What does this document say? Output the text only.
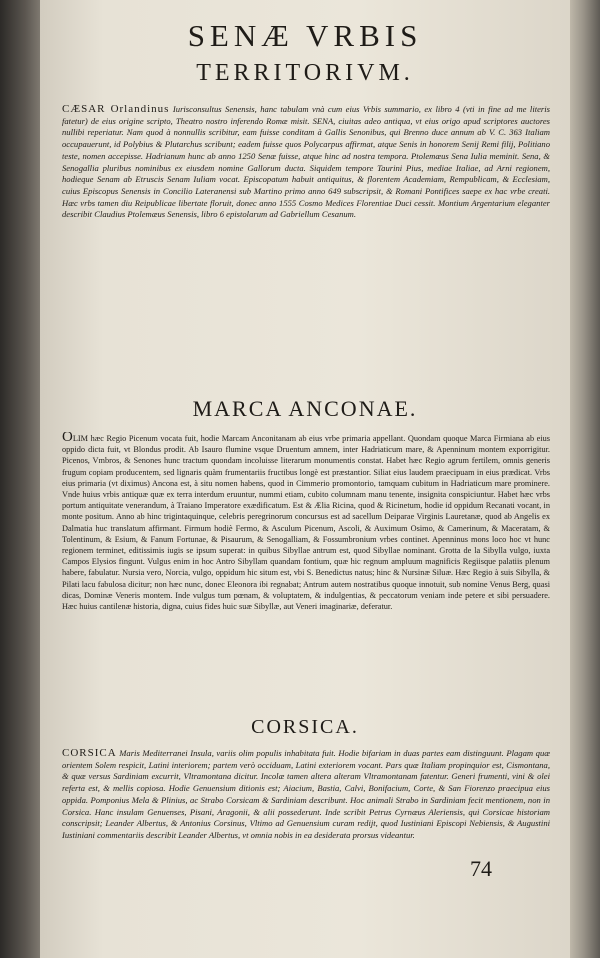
SENÆ VRBIS
TERRITORIVM.

CÆSAR Orlandinus Iurisconsultus Senensis, hanc tabulam vnà cum eius Vrbis summario, ex libro 4 (vti in fine ad me literis fatetur) de eius origine scripto, Theatro nostro inferendo Romæ misit. SENA, ciuitas adeo antiqua, vt eius origo apud scriptores auctores nullibi reperiatur. Nam quod à nonnullis scribitur, eam fuisse conditam à Gallis Senonibus, qui Brenno duce annum ab V. C. 363 Italiam occupauerunt, id Polybius & Plutarchus scribunt; eadem fuisse quos Polycarpus affirmat, atque Senis in honorem Senij Remi filij, Politiano teste, nomen accepisse. Hadrianum hunc ab anno 1250 Senæ fuisse, atque hinc ad nostra tempora. Ptolemæus Sena Iulia meminit. Sena, & Senogallia pluribus nominibus ex eiusdem nomine Gallorum ducta. Siquidem tempore Taurini Pius, mediae Italiae, ad Arni regionem, hodieque Senam ab Etruscis Senam Iuliam vocat. Episcopatum habuit antiquitus, & florentem Academiam, Rempublicam, & Ecclesiam, cuius Episcopus Senensis in Concilio Lateranensi sub Martino primo anno 649 subscripsit, & Romani Pontifices saepe ex hac vrbe creati. Hæc vrbs tamen diu Reipublicae libertate floruit, donec anno 1555 Cosmo Medices Florentiae Duci cessit. Montium Argentarium eleganter describit Claudius Ptolemæus Senensis, libro 6 epistolarum ad Gabriellum Cesanum.

MARCA ANCONAE.

OLIM hæc Regio Picenum vocata fuit, hodie Marcam Anconitanam ab eius vrbe primaria appellant. Quondam quoque Marca Firmiana ab eius oppido dicta fuit, vt Blondus prodit. Ab Isauro flumine vsque Druentum amnem, inter Hadriaticum mare, & Apenninum montem exporrigitur. Picenos, Vmbros, & Senones hunc tractum quondam incoluisse literarum monumentis constat. Habet hæc Regio agrum fertilem, omnis generis frugum copiam producentem, sed lignaris quàm frumentariis fructibus longè est præstantior. Siliat eius laudem praecipuam in eius prædicat. Vrbs eius primaria (vt diximus) Ancona est, à situ nomen habens, quod in Cimmerio promontorio, tamquam cubitum in Hadriaticum mare prominere. Vnde huius vrbis antiquæ quæ ex terra interdum eruuntur, nummi etiam, cubito columnam manu tenente, insignita conspiciuntur. Habet hæc vrbs portum antiquitate venerandum, à Traiano Imperatore exædificatum. Est & Ælia Ricina, quod & Ricinetum, hodie id oppidum Recanati vocant, in monte positum. Anno ab hinc trigintaquinque, celebris peregrinorum concursus est ad sacellum Deiparae Virginis Lauretanæ, quod ab Angelis ex Dalmatia huc translatum affirmant. Firmum hodiè Fermo, & Asculum Picenum, Ascoli, & Auximum Osimo, & Camerinum, & Maceratam, & Tolentinum, & Esium, & Fanum Fortunae, & Pisaurum, & Senogalliam, & Fossumbronium vrbes continet. Apenninus mons loco hoc vt hunc regionem terminet, editissimis iugis se ipsum superat: in quibus Sibyllae antrum est, quod Sibyllae nominant. Grotta de la Sibylla vulgo, iuxta Campos Elysios fingunt. Vulgus enim in hoc Antro Sibyllam quandam fontium, quæ hic regnum ampluum magnificis Regiisque palatiis plenum habere, fabulatur. Nursia vero, Norcia, vulgo, oppidum hic situm est, vbi S. Benedictus natus; hinc & Nursinæ Siluæ. Hæc Regio à suis Sibylla, & Pilati lacu fabulosa dicitur; non hæc nunc, donec Eleonora ibi regnabat; Antrum autem nostratibus quoque innotuit, sub nomine Venus Berg, quasi dicas, Dominæ Veneris montem. Inde vulgus tum pœnam, & voluptatem, & indulgentias, & peccatorum veniam inde petere et sibi persuadere. Hæc huius cantilenæ historia, digna, cuius fides huic suæ Sibyllæ, aut Veneri imaginariæ, deferatur.

CORSICA.

CORSICA Maris Mediterranei Insula, variis olim populis inhabitata fuit. Hodie bifariam in duas partes eam distinguunt. Plagam quæ orientem Solem respicit, Latini interiorem; partem verò occiduam, Latini exteriorem vocant. Pars quæ Italiam propinquior est, Cismontana, & quæ versus Sardiniam excurrit, Vltramontana dicitur. Incolæ tamen altera alteram Vltramontanam fatentur. Generi frumenti, vini & olei referta est, & mellis copiosa. Hodie Genuensium ditionis est; Aiacium, Bastia, Calvi, Bonifacium, Corte, & San Fiorenzo praecipua eius oppida. Pomponius Mela & Plinius, ac Strabo Corsicam & Sardiniam describunt. Hoc animali Strabo in Sardiniam fecit mentionem, non in Corsica. Hanc insulam Genuenses, Pisani, Aragonii, & alii possederunt. Inde scribit Petrus Cyrnæus Aleriensis, qui Corsicae historiam conscripsit; Leander Albertus, & Antonius Corsinus, Vltimo ad Genuensium curam redijt, quod Iustiniani Episcopi Nebiensis, & Augustini Iustiniani commentariis describit Leander Albertus, vt omnia nobis in ea desiderata prorsus videantur.

74
